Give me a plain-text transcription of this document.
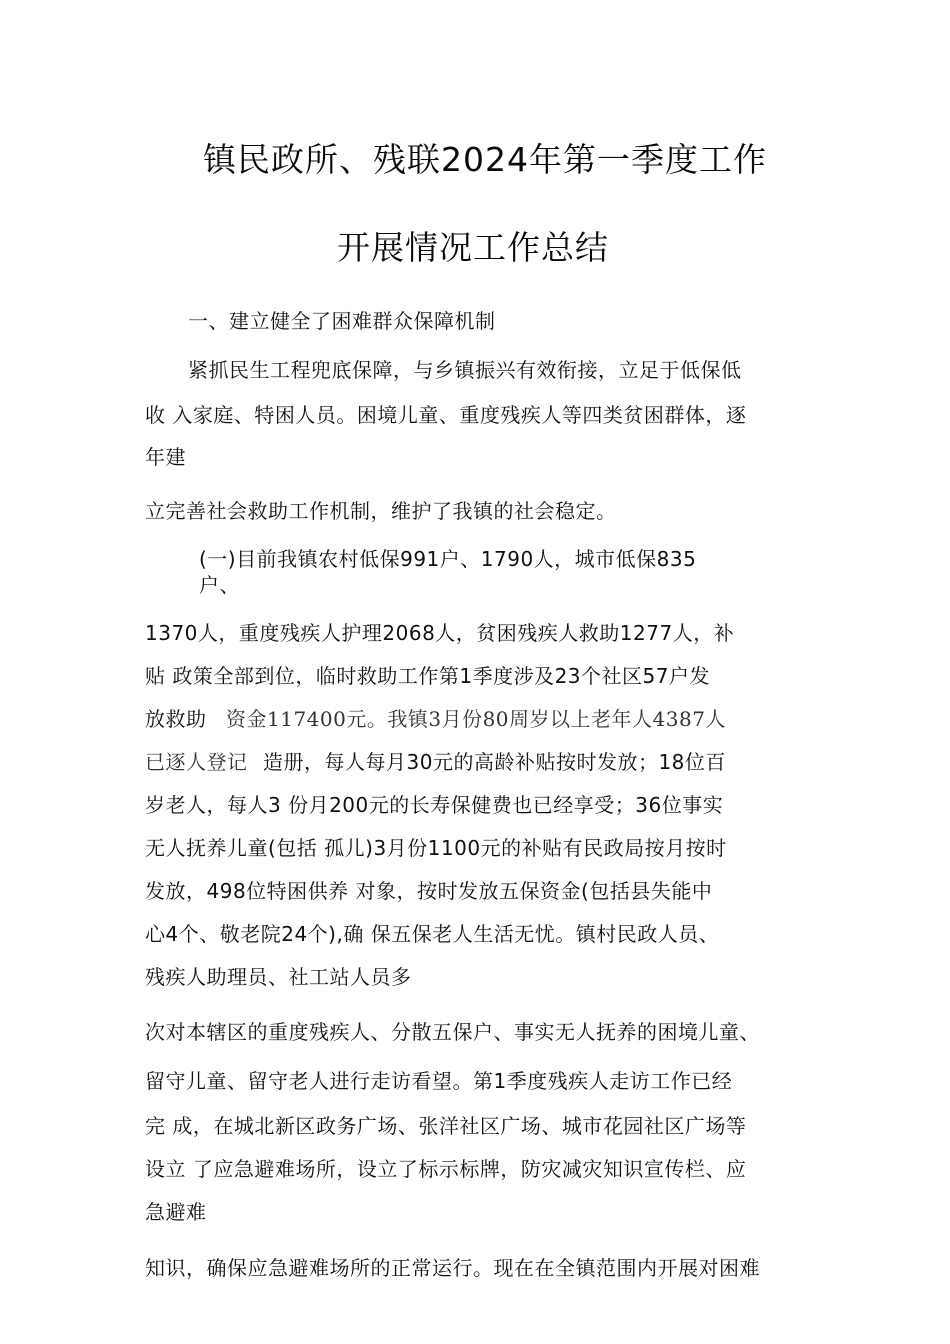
镇民政所、残联2024年第一季度工作
开展情况工作总结
一、建立健全了困难群众保障机制
紧抓民生工程兜底保障，与乡镇振兴有效衔接，立足于低保低
收 入家庭、特困人员。困境儿童、重度残疾人等四类贫困群体，逐
年建
立完善社会救助工作机制，维护了我镇的社会稳定。
(一)目前我镇农村低保991户、1790人，城市低保835
户、
1370人，重度残疾人护理2068人，贫困残疾人救助1277人，补
贴 政策全部到位，临时救助工作第1季度涉及23个社区57户发
放救助 资金117400元。我镇3月份80周岁以上老年人4387人
已逐人登记 造册，每人每月30元的高龄补贴按时发放；18位百
岁老人，每人3 份月200元的长寿保健费也已经享受；36位事实
无人抚养儿童(包括 孤儿)3月份1100元的补贴有民政局按月按时
发放，498位特困供养 对象，按时发放五保资金(包括县失能中
心4个、敬老院24个),确 保五保老人生活无忧。镇村民政人员、
残疾人助理员、社工站人员多
次对本辖区的重度残疾人、分散五保户、事实无人抚养的困境儿童、
留守儿童、留守老人进行走访看望。第1季度残疾人走访工作已经
完 成，在城北新区政务广场、张洋社区广场、城市花园社区广场等
设立 了应急避难场所，设立了标示标牌，防灾减灾知识宣传栏、应
急避难
知识，确保应急避难场所的正常运行。现在在全镇范围内开展对困难
